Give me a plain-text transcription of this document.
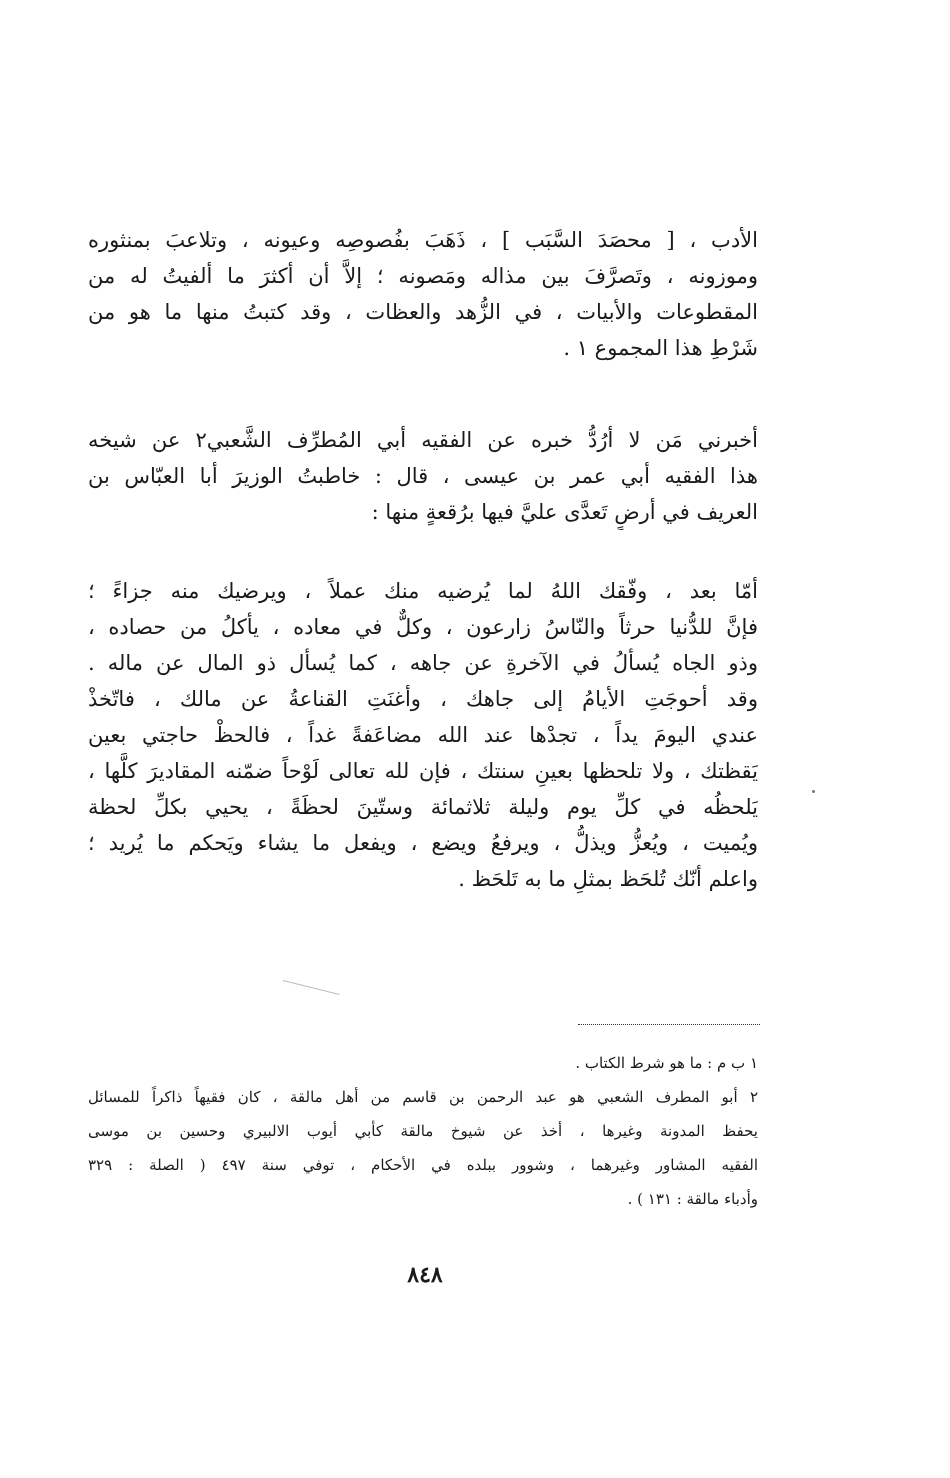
الأدب ، [ محصَدَ السَّبَب ] ، ذَهَبَ بفُصوصِه وعيونه ، وتلاعبَ بمنثوره
وموزونه ، وتَصرَّفَ بين مذاله ومَصونه ؛ إلاَّ أن أكثرَ ما ألفيتُ له من
المقطوعات والأبيات ، في الزُّهد والعظات ، وقد كتبتُ منها ما هو من
شَرْطِ هذا المجموع ١ .
أخبرني مَن لا أرُدُّ خبره عن الفقيه أبي المُطرِّف الشَّعبي٢ عن شيخه
هذا الفقيه أبي عمر بن عيسى ، قال : خاطبتُ الوزيرَ أبا العبّاس بن
العريف في أرضٍ تَعدَّى عليَّ فيها برُقعةٍ منها :
أمّا بعد ، وفّقك اللهُ لما يُرضيه منك عملاً ، ويرضيك منه جزاءً ؛
فإنَّ للدُّنيا حرثاً والنّاسُ زارعون ، وكلٌّ في معاده ، يأكلُ من حصاده ،
وذو الجاه يُسألُ في الآخرةِ عن جاهه ، كما يُسأل ذو المال عن ماله .
وقد أحوجَتِ الأيامُ إلى جاهك ، وأغنَتِ القناعةُ عن مالك ، فاتّخذْ
عندي اليومَ يداً ، تجدْها عند الله مضاعَفةً غداً ، فالحظْ حاجتي بعين
يَقظتك ، ولا تلحظها بعينِ سنتك ، فإن لله تعالى لَوْحاً ضمّنه المقاديرَ كلَّها ،
يَلحظُه في كلِّ يوم وليلة ثلاثمائة وستّينَ لحظَةً ، يحيي بكلِّ لحظة
ويُميت ، ويُعزُّ ويذلُّ ، ويرفعُ ويضع ، ويفعل ما يشاء ويَحكم ما يُريد ؛
واعلم أنّك تُلحَظ بمثلِ ما به تَلحَظ .
١ ب م : ما هو شرط الكتاب .
٢ أبو المطرف الشعبي هو عبد الرحمن بن قاسم من أهل مالقة ، كان فقيهاً ذاكراً للمسائل
يحفظ المدونة وغيرها ، أخذ عن شيوخ مالقة كأبي أيوب الالبيري وحسين بن موسى
الفقيه المشاور وغيرهما ، وشوور ببلده في الأحكام ، توفي سنة ٤٩٧ ( الصلة : ٣٢٩
وأدباء مالقة : ١٣١ ) .
٨٤٨
